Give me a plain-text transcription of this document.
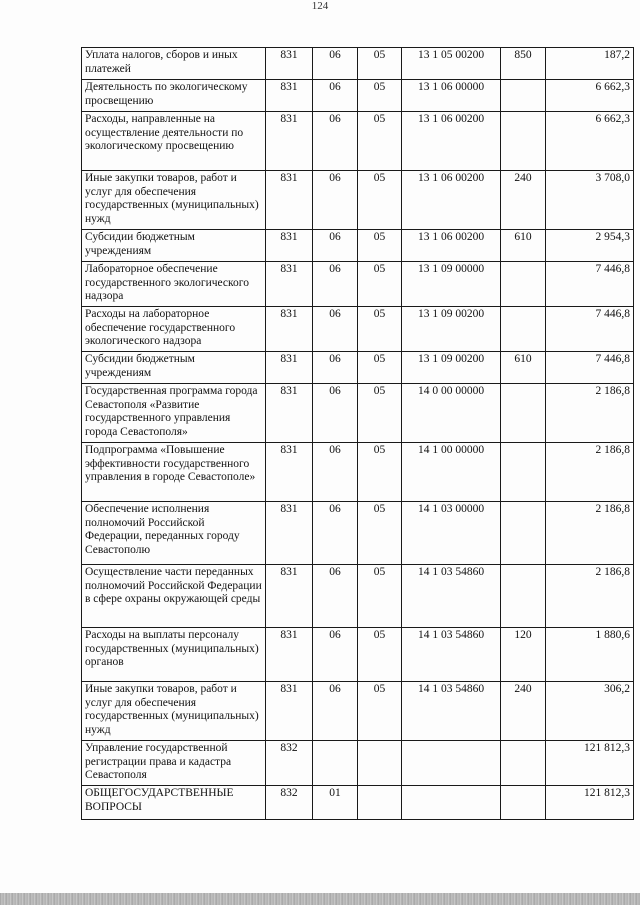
124
Уплата налогов, сборов и иных платежей	831	06	05	13 1 05 00200	850	187,2
Деятельность по экологическому просвещению	831	06	05	13 1 06 00000		6 662,3
Расходы, направленные на осуществление деятельности по экологическому просвещению	831	06	05	13 1 06 00200		6 662,3
Иные закупки товаров, работ и услуг для обеспечения государственных (муниципальных) нужд	831	06	05	13 1 06 00200	240	3 708,0
Субсидии бюджетным учреждениям	831	06	05	13 1 06 00200	610	2 954,3
Лабораторное обеспечение государственного экологического надзора	831	06	05	13 1 09 00000		7 446,8
Расходы на лабораторное обеспечение государственного экологического надзора	831	06	05	13 1 09 00200		7 446,8
Субсидии бюджетным учреждениям	831	06	05	13 1 09 00200	610	7 446,8
Государственная программа города Севастополя «Развитие государственного управления города Севастополя»	831	06	05	14 0 00 00000		2 186,8
Подпрограмма «Повышение эффективности государственного управления в городе Севастополе»	831	06	05	14 1 00 00000		2 186,8
Обеспечение исполнения полномочий Российской Федерации, переданных городу Севастополю	831	06	05	14 1 03 00000		2 186,8
Осуществление части переданных полномочий Российской Федерации в сфере охраны окружающей среды	831	06	05	14 1 03 54860		2 186,8
Расходы на выплаты персоналу государственных (муниципальных) органов	831	06	05	14 1 03 54860	120	1 880,6
Иные закупки товаров, работ и услуг для обеспечения государственных (муниципальных) нужд	831	06	05	14 1 03 54860	240	306,2
Управление государственной регистрации права и кадастра Севастополя	832					121 812,3
ОБЩЕГОСУДАРСТВЕННЫЕ ВОПРОСЫ	832	01				121 812,3
